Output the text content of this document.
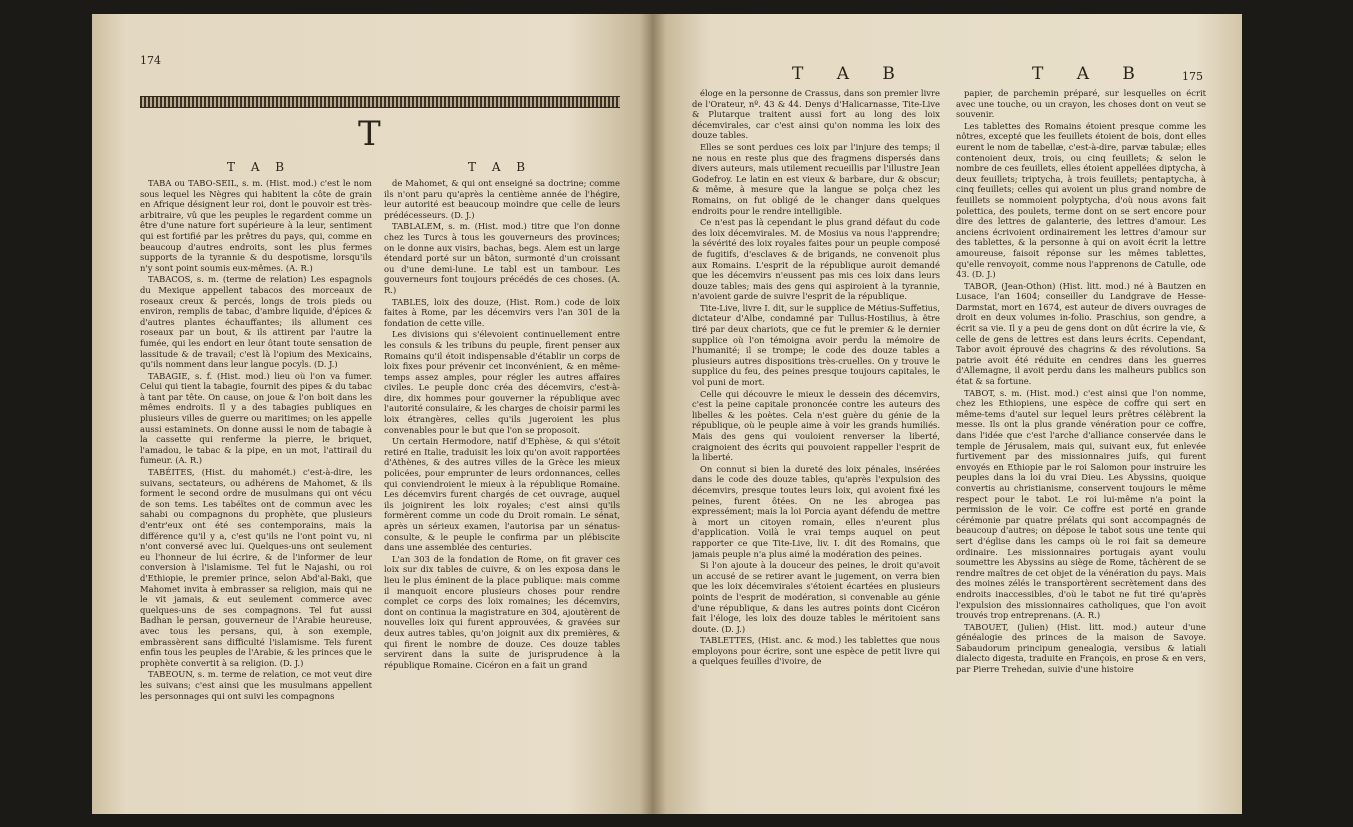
174
T
T A B	T A B

TABA ou TABO-SEIL, s. m. (Hist. mod.) c'est le nom sous lequel les Nègres qui habitent la côte de grain en Afrique désignent leur roi, dont le pouvoir est très-arbitraire, vû que les peuples le regardent comme un être d'une nature fort supérieure à la leur, sentiment qui est fortifié par les prêtres du pays, qui, comme en beaucoup d'autres endroits, sont les plus fermes supports de la tyrannie & du despotisme, lorsqu'ils n'y sont point soumis eux-mêmes. (A. R.)

TABACOS, s. m. (terme de relation) Les espagnols du Mexique appellent tabacos des morceaux de roseaux creux & percés, longs de trois pieds ou environ, remplis de tabac, d'ambre liquide, d'épices & d'autres plantes échauffantes; ils allument ces roseaux par un bout, & ils attirent par l'autre la fumée, qui les endort en leur ôtant toute sensation de lassitude & de travail; c'est là l'opium des Mexicains, qu'ils nomment dans leur langue pocyls. (D. J.)

TABAGIE, s. f. (Hist. mod.) lieu où l'on va fumer. Celui qui tient la tabagie, fournit des pipes & du tabac à tant par tête. On cause, on joue & l'on boit dans les mêmes endroits. Il y a des tabagies publiques en plusieurs villes de guerre ou maritimes; on les appelle aussi estaminets. On donne aussi le nom de tabagie à la cassette qui renferme la pierre, le briquet, l'amadou, le tabac & la pipe, en un mot, l'attirail du fumeur. (A. R.)

TABÉITES, (Hist. du mahomét.) c'est-à-dire, les suivans, sectateurs, ou adhérens de Mahomet, & ils forment le second ordre de musulmans qui ont vécu de son tems. Les tabéïtes ont de commun avec les sahabi ou compagnons du prophète, que plusieurs d'entr'eux ont été ses contemporains, mais la différence qu'il y a, c'est qu'ils ne l'ont point vu, ni n'ont conversé avec lui. Quelques-uns ont seulement eu l'honneur de lui écrire, & de l'informer de leur conversion à l'islamisme. Tel fut le Najashi, ou roi d'Ethiopie, le premier prince, selon Abd'al-Baki, que Mahomet invita à embrasser sa religion, mais qui ne le vit jamais, & eut seulement commerce avec quelques-uns de ses compagnons. Tel fut aussi Badhan le persan, gouverneur de l'Arabie heureuse, avec tous les persans, qui, à son exemple, embrassèrent sans difficulté l'islamisme. Tels furent enfin tous les peuples de l'Arabie, & les princes que le prophète convertit à sa religion. (D. J.)

TABEOUN, s. m. terme de relation, ce mot veut dire les suivans; c'est ainsi que les musulmans appellent les personnages qui ont suivi les compagnons

de Mahomet, & qui ont enseigné sa doctrine; comme ils n'ont paru qu'après la centième année de l'hégire, leur autorité est beaucoup moindre que celle de leurs prédécesseurs. (D. J.)

TABLALEM, s. m. (Hist. mod.) titre que l'on donne chez les Turcs à tous les gouverneurs des provinces; on le donne aux visirs, bachas, begs. Alem est un large étendard porté sur un bâton, surmonté d'un croissant ou d'une demi-lune. Le tabl est un tambour. Les gouverneurs font toujours précédés de ces choses. (A. R.)

TABLES, loix des douze, (Hist. Rom.) code de loix faites à Rome, par les décemvirs vers l'an 301 de la fondation de cette ville.

Les divisions qui s'élevoient continuellement entre les consuls & les tribuns du peuple, firent penser aux Romains qu'il étoit indispensable d'établir un corps de loix fixes pour prévenir cet inconvénient, & en même-temps assez amples, pour régler les autres affaires civiles. Le peuple donc créa des décemvirs, c'est-à-dire, dix hommes pour gouverner la république avec l'autorité consulaire, & les charges de choisir parmi les loix étrangères, celles qu'ils jugeroient les plus convenables pour le but que l'on se proposoit.

Un certain Hermodore, natif d'Ephèse, & qui s'étoit retiré en Italie, traduisit les loix qu'on avoit rapportées d'Athènes, & des autres villes de la Grèce les mieux policées, pour emprunter de leurs ordonnances, celles qui conviendroient le mieux à la république Romaine. Les décemvirs furent chargés de cet ouvrage, auquel ils joignirent les loix royales; c'est ainsi qu'ils formèrent comme un code du Droit romain. Le sénat, après un sérieux examen, l'autorisa par un sénatus-consulte, & le peuple le confirma par un plébiscite dans une assemblée des centuries.

L'an 303 de la fondation de Rome, on fit graver ces loix sur dix tables de cuivre, & on les exposa dans le lieu le plus éminent de la place publique: mais comme il manquoit encore plusieurs choses pour rendre complet ce corps des loix romaines; les décemvirs, dont on continua la magistrature en 304, ajoutèrent de nouvelles loix qui furent approuvées, & gravées sur deux autres tables, qu'on joignit aux dix premières, & qui firent le nombre de douze. Ces douze tables servirent dans la suite de jurisprudence à la république Romaine. Cicéron en a fait un grand

T A B	T A B	175

éloge en la personne de Crassus, dans son premier livre de l'Orateur, nº. 43 & 44. Denys d'Halicarnasse, Tite-Live & Plutarque traitent aussi fort au long des loix décemvirales, car c'est ainsi qu'on nomma les loix des douze tables.

Elles se sont perdues ces loix par l'injure des temps; il ne nous en reste plus que des fragmens dispersés dans divers auteurs, mais utilement recueillis par l'illustre Jean Godefroy. Le latin en est vieux & barbare, dur & obscur; & même, à mesure que la langue se polça chez les Romains, on fut obligé de le changer dans quelques endroits pour le rendre intelligible.

Ce n'est pas là cependant le plus grand défaut du code des loix décemvirales. M. de Mosius va nous l'apprendre; la sévérité des loix royales faites pour un peuple composé de fugitifs, d'esclaves & de brigands, ne convenoit plus aux Romains. L'esprit de la république auroit demandé que les décemvirs n'eussent pas mis ces loix dans leurs douze tables; mais des gens qui aspiroient à la tyrannie, n'avoient garde de suivre l'esprit de la république.

Tite-Live, livre I. dit, sur le supplice de Métius-Suffetius, dictateur d'Albe, condamné par Tullus-Hostilius, à être tiré par deux chariots, que ce fut le premier & le dernier supplice où l'on témoigna avoir perdu la mémoire de l'humanité; il se trompe; le code des douze tables a plusieurs autres dispositions très-cruelles. On y trouve le supplice du feu, des peines presque toujours capitales, le vol puni de mort.

Celle qui découvre le mieux le dessein des décemvirs, c'est la peine capitale prononcée contre les auteurs des libelles & les poètes. Cela n'est guère du génie de la république, où le peuple aime à voir les grands humiliés. Mais des gens qui vouloient renverser la liberté, craignoient des écrits qui pouvoient rappeller l'esprit de la liberté.

On connut si bien la dureté des loix pénales, insérées dans le code des douze tables, qu'après l'expulsion des décemvirs, presque toutes leurs loix, qui avoient fixé les peines, furent ôtées. On ne les abrogea pas expressément; mais la loi Porcia ayant défendu de mettre à mort un citoyen romain, elles n'eurent plus d'application. Voilà le vrai temps auquel on peut rapporter ce que Tite-Live, liv. I. dit des Romains, que jamais peuple n'a plus aimé la modération des peines.

Si l'on ajoute à la douceur des peines, le droit qu'avoit un accusé de se retirer avant le jugement, on verra bien que les loix décemvirales s'étoient écartées en plusieurs points de l'esprit de modération, si convenable au génie d'une république, & dans les autres points dont Cicéron fait l'éloge, les loix des douze tables le méritoient sans doute. (D. J.)

TABLETTES, (Hist. anc. & mod.) les tablettes que nous employons pour écrire, sont une espèce de petit livre qui a quelques feuilles d'ivoire, de

papier, de parchemin préparé, sur lesquelles on écrit avec une touche, ou un crayon, les choses dont on veut se souvenir.

Les tablettes des Romains étoient presque comme les nôtres, excepté que les feuillets étoient de bois, dont elles eurent le nom de tabellæ, c'est-à-dire, parvæ tabulæ; elles contenoient deux, trois, ou cinq feuillets; & selon le nombre de ces feuillets, elles étoient appellées diptycha, à deux feuillets; triptycha, à trois feuillets; pentaptycha, à cinq feuillets; celles qui avoient un plus grand nombre de feuillets se nommoient polyptycha, d'où nous avons fait polettica, des poulets, terme dont on se sert encore pour dire des lettres de galanterie, des lettres d'amour. Les anciens écrivoient ordinairement les lettres d'amour sur des tablettes, & la personne à qui on avoit écrit la lettre amoureuse, faisoit réponse sur les mêmes tablettes, qu'elle renvoyoit, comme nous l'apprenons de Catulle, ode 43. (D. J.)

TABOR, (Jean-Othon) (Hist. litt. mod.) né à Bautzen en Lusace, l'an 1604; conseiller du Landgrave de Hesse-Darmstat, mort en 1674, est auteur de divers ouvrages de droit en deux volumes in-folio. Praschius, son gendre, a écrit sa vie. Il y a peu de gens dont on dût écrire la vie, & celle de gens de lettres est dans leurs écrits. Cependant, Tabor avoit éprouvé des chagrins & des révolutions. Sa patrie avoit été réduite en cendres dans les guerres d'Allemagne, il avoit perdu dans les malheurs publics son état & sa fortune.

TABOT, s. m. (Hist. mod.) c'est ainsi que l'on nomme, chez les Ethiopiens, une espèce de coffre qui sert en même-tems d'autel sur lequel leurs prêtres célèbrent la messe. Ils ont la plus grande vénération pour ce coffre, dans l'idée que c'est l'arche d'alliance conservée dans le temple de Jérusalem, mais qui, suivant eux, fut enlevée furtivement par des missionnaires juifs, qui furent envoyés en Ethiopie par le roi Salomon pour instruire les peuples dans la loi du vrai Dieu. Les Abyssins, quoique convertis au christianisme, conservent toujours le même respect pour le tabot. Le roi lui-même n'a point la permission de le voir. Ce coffre est porté en grande cérémonie par quatre prélats qui sont accompagnés de beaucoup d'autres; on dépose le tabot sous une tente qui sert d'église dans les camps où le roi fait sa demeure ordinaire. Les missionnaires portugais ayant voulu soumettre les Abyssins au siège de Rome, tâchèrent de se rendre maîtres de cet objet de la vénération du pays. Mais des moines zélés le transportèrent secrètement dans des endroits inaccessibles, d'où le tabot ne fut tiré qu'après l'expulsion des missionnaires catholiques, que l'on avoit trouvés trop entreprenans. (A. R.)

TABOUET, (Julien) (Hist. litt. mod.) auteur d'une généalogie des princes de la maison de Savoye. Sabaudorum principum genealogia, versibus & latiali dialecto digesta, traduite en François, en prose & en vers, par Pierre Trehedan, suivie d'une histoire
